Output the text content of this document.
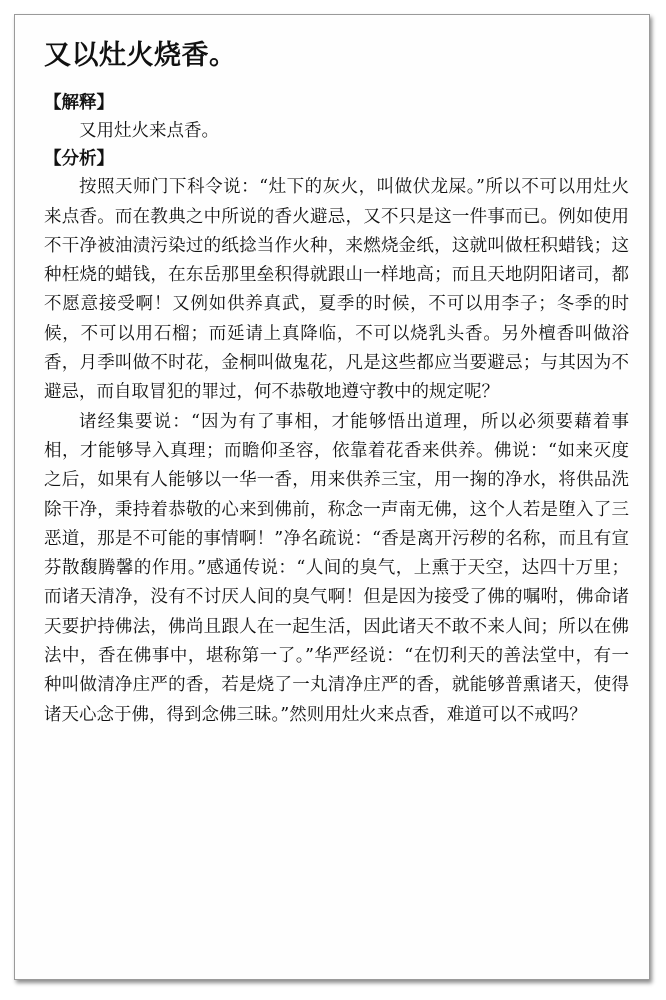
又以灶火烧香。
【解释】

又用灶火来点香。

【分析】

按照天师门下科令说：“灶下的灰火，叫做伏龙屎。”所以不可以用灶火来点香。而在教典之中所说的香火避忌，又不只是这一件事而已。例如使用不干净被油渍污染过的纸捻当作火种，来燃烧金纸，这就叫做枉积蜡钱；这种枉烧的蜡钱，在东岳那里垒积得就跟山一样地高；而且天地阴阳诸司，都不愿意接受啊！又例如供养真武，夏季的时候，不可以用李子；冬季的时候，不可以用石榴；而延请上真降临，不可以烧乳头香。另外檀香叫做浴香，月季叫做不时花，金桐叫做鬼花，凡是这些都应当要避忌；与其因为不避忌，而自取冒犯的罪过，何不恭敬地遵守教中的规定呢？

诸经集要说：“因为有了事相，才能够悟出道理，所以必须要藉着事相，才能够导入真理；而瞻仰圣容，依靠着花香来供养。佛说：“如来灭度之后，如果有人能够以一华一香，用来供养三宝，用一掬的净水，将供品洗除干净，秉持着恭敬的心来到佛前，称念一声南无佛，这个人若是堕入了三恶道，那是不可能的事情啊！”净名疏说：“香是离开污秽的名称，而且有宣芬散馥腾馨的作用。”感通传说：“人间的臭气，上熏于天空，达四十万里；而诸天清净，没有不讨厌人间的臭气啊！但是因为接受了佛的嘱咐，佛命诸天要护持佛法，佛尚且跟人在一起生活，因此诸天不敢不来人间；所以在佛法中，香在佛事中，堪称第一了。”华严经说：“在忉利天的善法堂中，有一种叫做清净庄严的香，若是烧了一丸清净庄严的香，就能够普熏诸天，使得诸天心念于佛，得到念佛三昧。”然则用灶火来点香，难道可以不戒吗？
